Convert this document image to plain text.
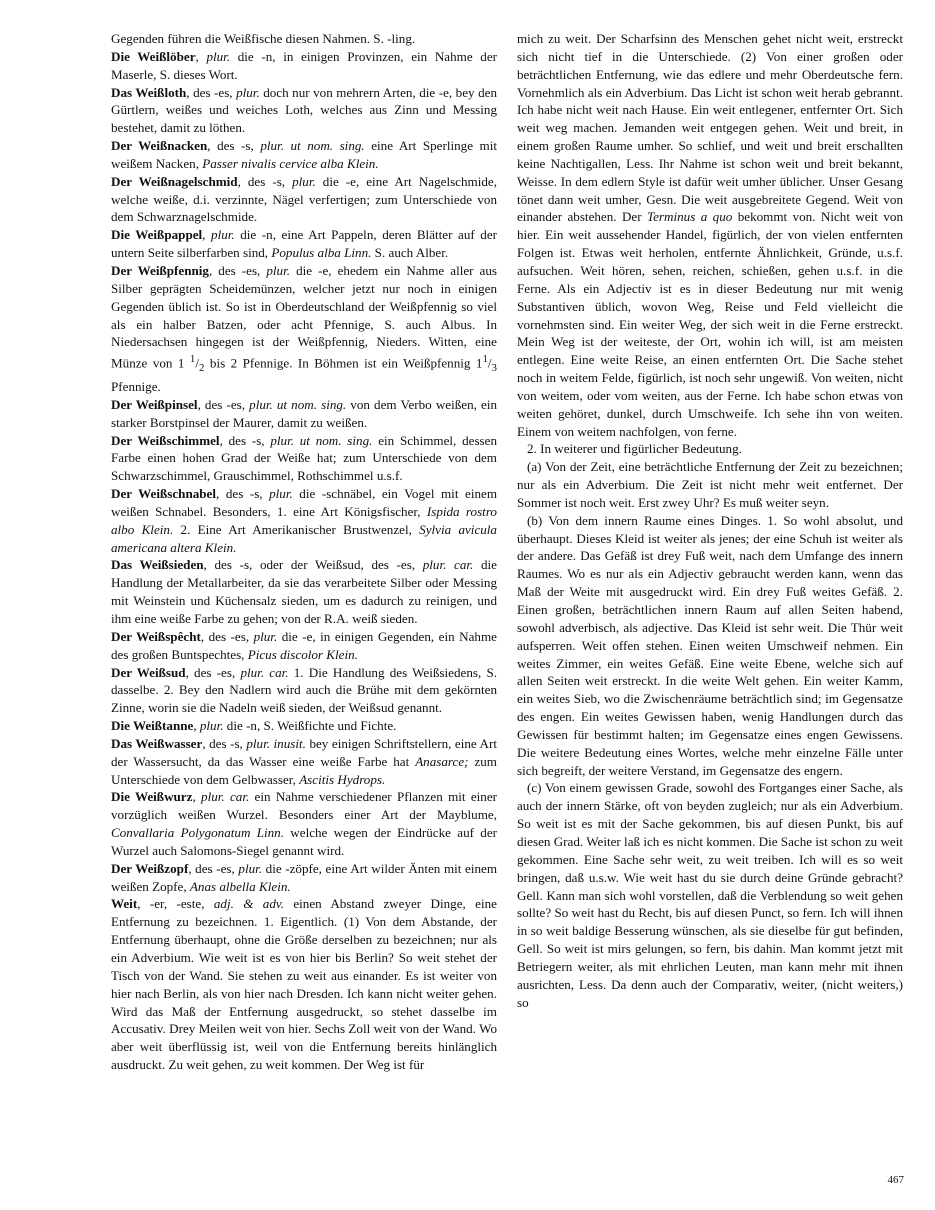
Gegenden führen die Weißfische diesen Nahmen. S. -ling.

Die Weißlöber, plur. die -n, in einigen Provinzen, ein Nahme der Maserle, S. dieses Wort.

Das Weißloth, des -es, plur. doch nur von mehrern Arten, die -e, bey den Gürtlern, weißes und weiches Loth, welches aus Zinn und Messing bestehet, damit zu löthen.

Der Weißnacken, des -s, plur. ut nom. sing. eine Art Sperlinge mit weißem Nacken, Passer nivalis cervice alba Klein.

Der Weißnagelschmid, des -s, plur. die -e, eine Art Nagelschmide, welche weiße, d.i. verzinnte, Nägel verfertigen; zum Unterschiede von dem Schwarznagelschmide.

Die Weißpappel, plur. die -n, eine Art Pappeln, deren Blätter auf der untern Seite silberfarben sind, Populus alba Linn. S. auch Alber.

Der Weißpfennig, des -es, plur. die -e, ehedem ein Nahme aller aus Silber geprägten Scheidemünzen, welcher jetzt nur noch in einigen Gegenden üblich ist. So ist in Oberdeutschland der Weißpfennig so viel als ein halber Batzen, oder acht Pfennige, S. auch Albus. In Niedersachsen hingegen ist der Weißpfennig, Nieders. Witten, eine Münze von 1 $^1/_2$ bis 2 Pfennige. In Böhmen ist ein Weißpfennig $1^1/_3$ Pfennige.

Der Weißpinsel, des -es, plur. ut nom. sing. von dem Verbo weißen, ein starker Borstpinsel der Maurer, damit zu weißen.

Der Weißschimmel, des -s, plur. ut nom. sing. ein Schimmel, dessen Farbe einen hohen Grad der Weiße hat; zum Unterschiede von dem Schwarzschimmel, Grauschimmel, Rothschimmel u.s.f.

Der Weißschnabel, des -s, plur. die -schnäbel, ein Vogel mit einem weißen Schnabel. Besonders, 1. eine Art Königsfischer, Ispida rostro albo Klein. 2. Eine Art Amerikanischer Brustwenzel, Sylvia avicula americana altera Klein.

Das Weißsieden, des -s, oder der Weißsud, des -es, plur. car. die Handlung der Metallarbeiter, da sie das verarbeitete Silber oder Messing mit Weinstein und Küchensalz sieden, um es dadurch zu reinigen, und ihm eine weiße Farbe zu gehen; von der R.A. weiß sieden.

Der Weißspêcht, des -es, plur. die -e, in einigen Gegenden, ein Nahme des großen Buntspechtes, Picus discolor Klein.

Der Weißsud, des -es, plur. car. 1. Die Handlung des Weißsiedens, S. dasselbe. 2. Bey den Nadlern wird auch die Brühe mit dem gekörnten Zinne, worin sie die Nadeln weiß sieden, der Weißsud genannt.

Die Weißtanne, plur. die -n, S. Weißfichte und Fichte.

Das Weißwasser, des -s, plur. inusit. bey einigen Schriftstellern, eine Art der Wassersucht, da das Wasser eine weiße Farbe hat Anasarce; zum Unterschiede von dem Gelbwasser, Ascitis Hydrops.

Die Weißwurz, plur. car. ein Nahme verschiedener Pflanzen mit einer vorzüglich weißen Wurzel. Besonders einer Art der Mayblume, Convallaria Polygonatum Linn. welche wegen der Eindrücke auf der Wurzel auch Salomons-Siegel genannt wird.

Der Weißzopf, des -es, plur. die -zöpfe, eine Art wilder Änten mit einem weißen Zopfe, Anas albella Klein.

Weit, -er, -este, adj. & adv. einen Abstand zweyer Dinge, eine Entfernung zu bezeichnen. 1. Eigentlich. (1) Von dem Abstande, der Entfernung überhaupt, ohne die Größe derselben zu bezeichnen; nur als ein Adverbium. Wie weit ist es von hier bis Berlin? So weit stehet der Tisch von der Wand. Sie stehen zu weit aus einander. Es ist weiter von hier nach Berlin, als von hier nach Dresden. Ich kann nicht weiter gehen. Wird das Maß der Entfernung ausgedruckt, so stehet dasselbe im Accusativ. Drey Meilen weit von hier. Sechs Zoll weit von der Wand. Wo aber weit überflüssig ist, weil von die Entfernung bereits hinlänglich ausdruckt. Zu weit gehen, zu weit kommen. Der Weg ist für

mich zu weit. Der Scharfsinn des Menschen gehet nicht weit, erstreckt sich nicht tief in die Unterschiede. (2) Von einer großen oder beträchtlichen Entfernung, wie das edlere und mehr Oberdeutsche fern. Vornehmlich als ein Adverbium. Das Licht ist schon weit herab gebrannt. Ich habe nicht weit nach Hause. Ein weit entlegener, entfernter Ort. Sich weit weg machen. Jemanden weit entgegen gehen. Weit und breit, in einem großen Raume umher. So schlief, und weit und breit erschallten keine Nachtigallen, Less. Ihr Nahme ist schon weit und breit bekannt, Weisse. In dem edlern Style ist dafür weit umher üblicher. Unser Gesang tönet dann weit umher, Gesn. Die weit ausgebreitete Gegend. Weit von einander abstehen. Der Terminus a quo bekommt von. Nicht weit von hier. Ein weit aussehender Handel, figürlich, der von vielen entfernten Folgen ist. Etwas weit herholen, entfernte Ähnlichkeit, Gründe, u.s.f. aufsuchen. Weit hören, sehen, reichen, schießen, gehen u.s.f. in die Ferne. Als ein Adjectiv ist es in dieser Bedeutung nur mit wenig Substantiven üblich, wovon Weg, Reise und Feld vielleicht die vornehmsten sind. Ein weiter Weg, der sich weit in die Ferne erstreckt. Mein Weg ist der weiteste, der Ort, wohin ich will, ist am meisten entlegen. Eine weite Reise, an einen entfernten Ort. Die Sache stehet noch in weitem Felde, figürlich, ist noch sehr ungewiß. Von weiten, nicht von weitem, oder vom weiten, aus der Ferne. Ich habe schon etwas von weiten gehöret, dunkel, durch Umschweife. Ich sehe ihn von weiten. Einem von weitem nachfolgen, von ferne.

2. In weiterer und figürlicher Bedeutung.

(a) Von der Zeit, eine beträchtliche Entfernung der Zeit zu bezeichnen; nur als ein Adverbium. Die Zeit ist nicht mehr weit entfernet. Der Sommer ist noch weit. Erst zwey Uhr? Es muß weiter seyn.

(b) Von dem innern Raume eines Dinges. 1. So wohl absolut, und überhaupt. Dieses Kleid ist weiter als jenes; der eine Schuh ist weiter als der andere. Das Gefäß ist drey Fuß weit, nach dem Umfange des innern Raumes. Wo es nur als ein Adjectiv gebraucht werden kann, wenn das Maß der Weite mit ausgedruckt wird. Ein drey Fuß weites Gefäß. 2. Einen großen, beträchtlichen innern Raum auf allen Seiten habend, sowohl adverbisch, als adjective. Das Kleid ist sehr weit. Die Thür weit aufsperren. Weit offen stehen. Einen weiten Umschweif nehmen. Ein weites Zimmer, ein weites Gefäß. Eine weite Ebene, welche sich auf allen Seiten weit erstreckt. In die weite Welt gehen. Ein weiter Kamm, ein weites Sieb, wo die Zwischenräume beträchtlich sind; im Gegensatze des engen. Ein weites Gewissen haben, wenig Handlungen durch das Gewissen für bestimmt halten; im Gegensatze eines engen Gewissens. Die weitere Bedeutung eines Wortes, welche mehr einzelne Fälle unter sich begreift, der weitere Verstand, im Gegensatze des engern.

(c) Von einem gewissen Grade, sowohl des Fortganges einer Sache, als auch der innern Stärke, oft von beyden zugleich; nur als ein Adverbium. So weit ist es mit der Sache gekommen, bis auf diesen Punkt, bis auf diesen Grad. Weiter laß ich es nicht kommen. Die Sache ist schon zu weit gekommen. Eine Sache sehr weit, zu weit treiben. Ich will es so weit bringen, daß u.s.w. Wie weit hast du sie durch deine Gründe gebracht? Gell. Kann man sich wohl vorstellen, daß die Verblendung so weit gehen sollte? So weit hast du Recht, bis auf diesen Punct, so fern. Ich will ihnen in so weit baldige Besserung wünschen, als sie dieselbe für gut befinden, Gell. So weit ist mirs gelungen, so fern, bis dahin. Man kommt jetzt mit Betriegern weiter, als mit ehrlichen Leuten, man kann mehr mit ihnen ausrichten, Less. Da denn auch der Comparativ, weiter, (nicht weiters,) so

467
